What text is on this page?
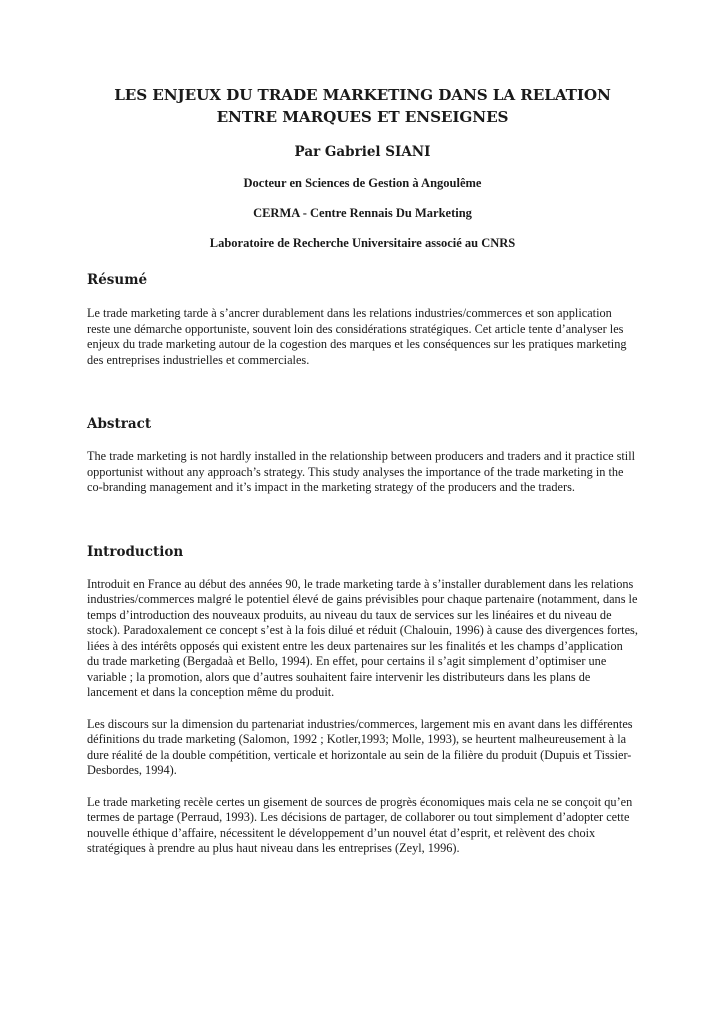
LES ENJEUX DU TRADE MARKETING DANS LA RELATION ENTRE MARQUES ET ENSEIGNES

Par Gabriel SIANI

Docteur en Sciences de Gestion à Angoulême

CERMA - Centre Rennais Du Marketing

Laboratoire de Recherche Universitaire associé au CNRS

Résumé

Le trade marketing tarde à s’ancrer durablement dans les relations industries/commerces et son application reste une démarche opportuniste, souvent loin des considérations stratégiques. Cet article tente d’analyser les enjeux du trade marketing autour de la cogestion des marques et les conséquences sur les pratiques marketing des entreprises industrielles et commerciales.

Abstract

The trade marketing is not hardly installed in the relationship between producers and traders and it practice still opportunist without any approach’s strategy. This study analyses the importance of the trade marketing in the co-branding management and it’s impact in the marketing strategy of the producers and the traders.

Introduction

Introduit en France au début des années 90, le trade marketing tarde à s’installer durablement dans les relations industries/commerces malgré le potentiel élevé de gains prévisibles pour chaque partenaire (notamment, dans le temps d’introduction des nouveaux produits, au niveau du taux de services sur les linéaires et du niveau de stock). Paradoxalement ce concept s’est à la fois dilué et réduit (Chalouin, 1996) à cause des divergences fortes, liées à des intérêts opposés qui existent entre les deux partenaires sur les finalités et les champs d’application du trade marketing (Bergadaà et Bello, 1994). En effet, pour certains il s’agit simplement d’optimiser une variable ; la promotion, alors que d’autres souhaitent faire intervenir les distributeurs dans les plans de lancement et dans la conception même du produit.

Les discours sur la dimension du partenariat industries/commerces, largement mis en avant dans les différentes définitions du trade marketing (Salomon, 1992 ; Kotler,1993; Molle, 1993), se heurtent malheureusement à la dure réalité de la double compétition, verticale et horizontale au sein de la filière du produit (Dupuis et Tissier-Desbordes, 1994).

Le trade marketing recèle certes un gisement de sources de progrès économiques mais cela ne se conçoit qu’en termes de partage (Perraud, 1993). Les décisions de partager, de collaborer ou tout simplement d’adopter cette nouvelle éthique d’affaire, nécessitent le développement d’un nouvel état d’esprit, et relèvent des choix stratégiques à prendre au plus haut niveau dans les entreprises (Zeyl, 1996).
